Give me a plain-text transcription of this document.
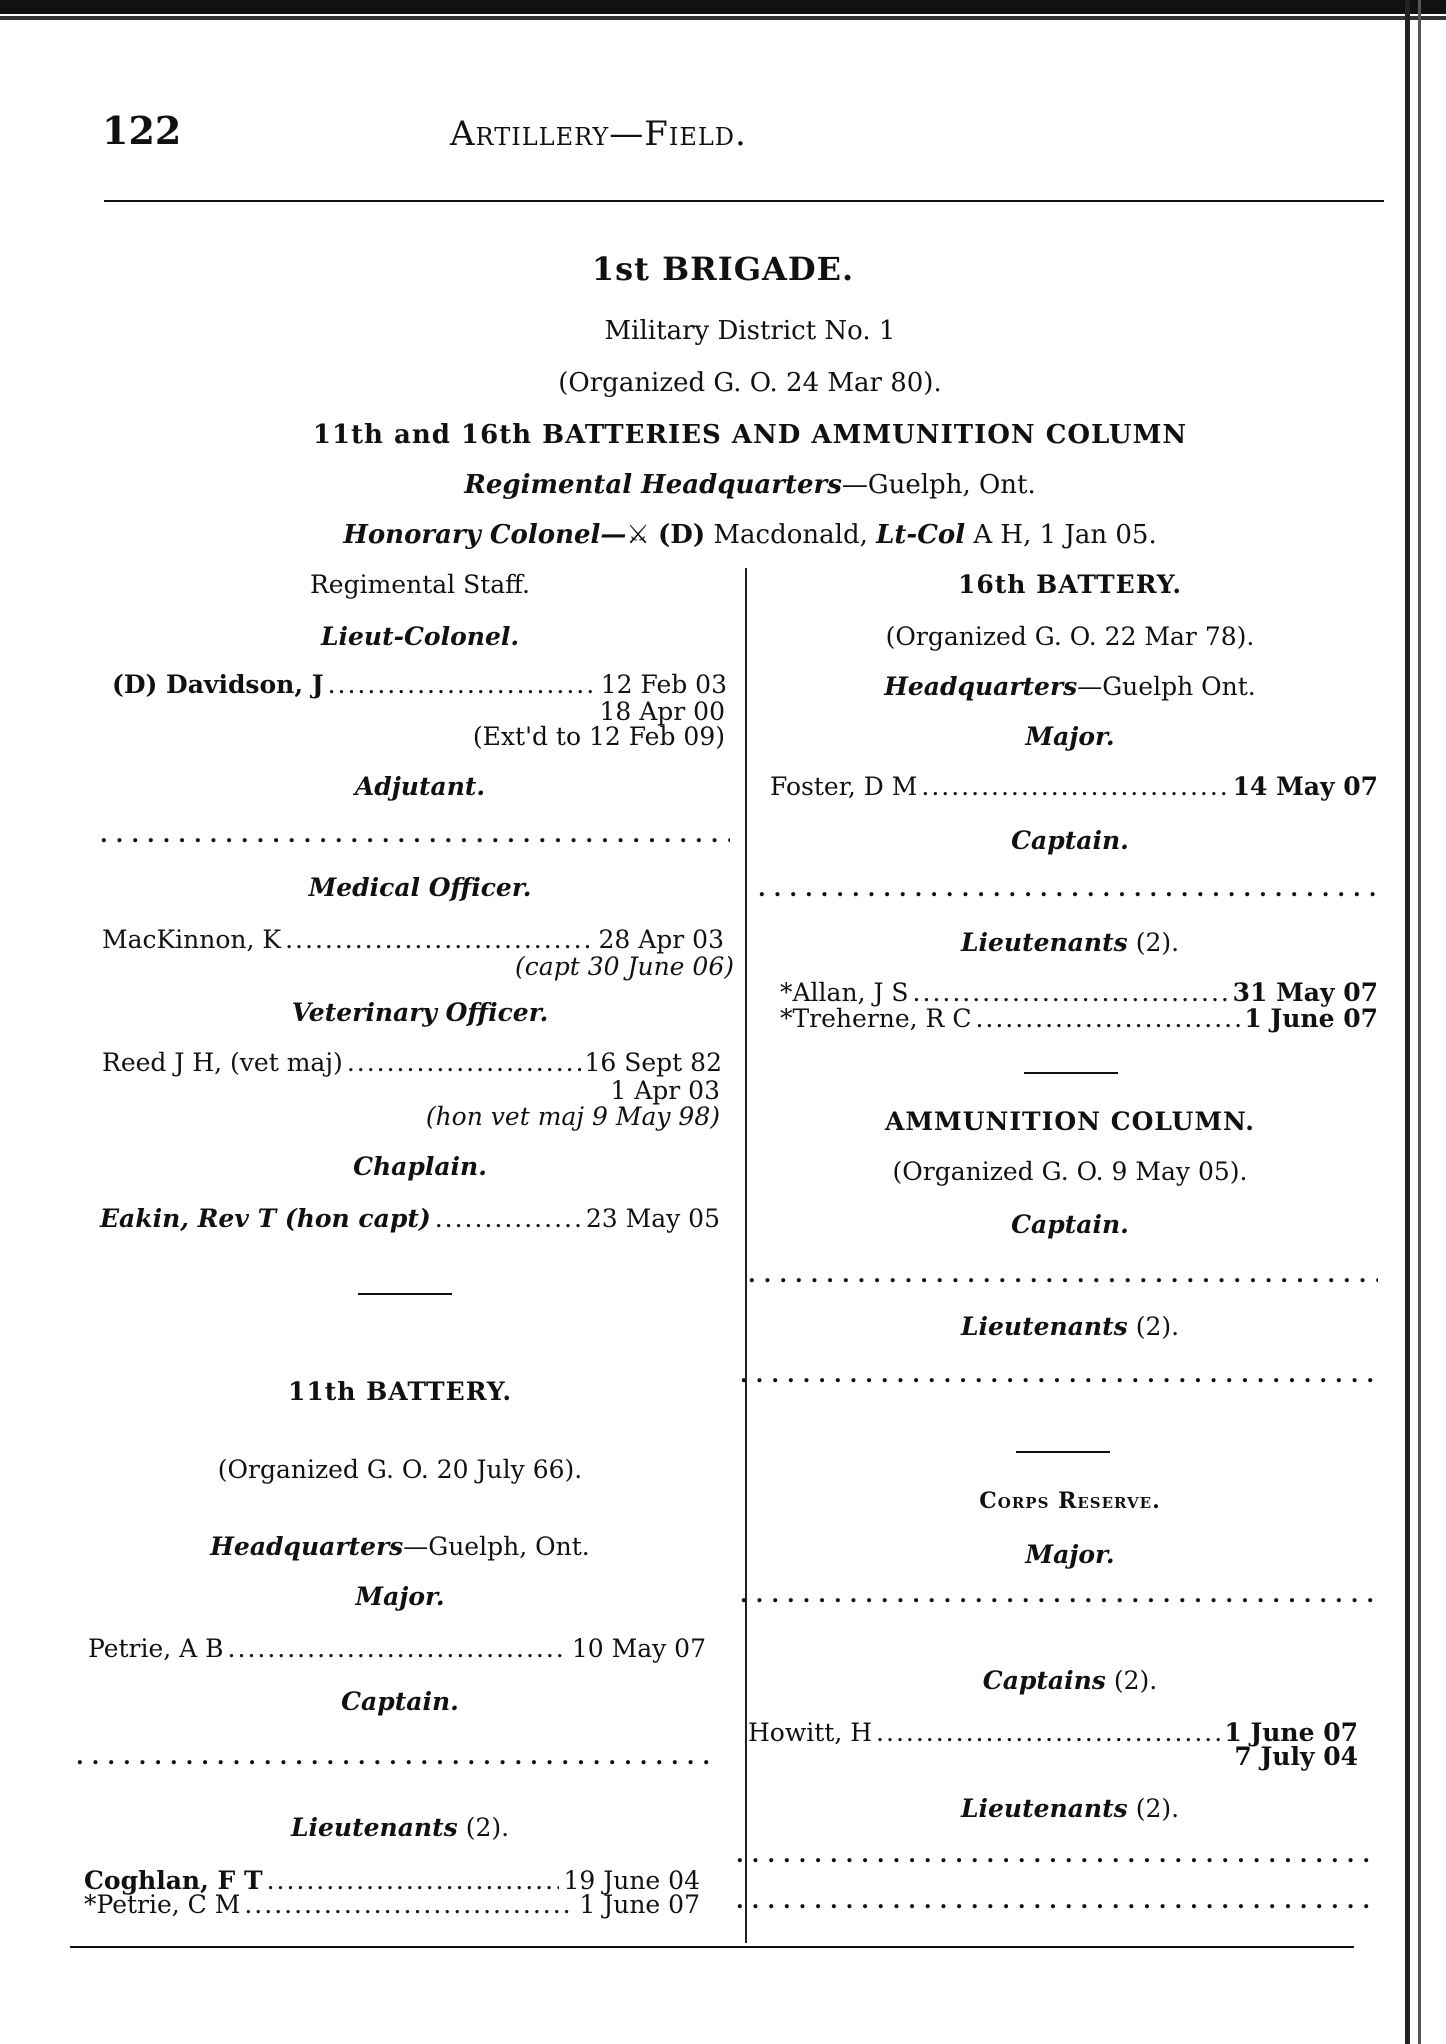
122	Artillery—Field.
1st BRIGADE.
Military District No. 1
(Organized G. O. 24 Mar 80).
11th and 16th BATTERIES AND AMMUNITION COLUMN
Regimental Headquarters—Guelph, Ont.
Honorary Colonel—⚔ (D) Macdonald, Lt-Col A H, 1 Jan 05.
Regimental Staff.
Lieut-Colonel.
(D) Davidson, J .....	12 Feb 03
18 Apr 00
(Ext'd to 12 Feb 09)
Adjutant.
.....
Medical Officer.
MacKinnon, K .....	28 Apr 03
(capt 30 June 06)
Veterinary Officer.
Reed J H, (vet maj) .....	16 Sept 82
1 Apr 03
(hon vet maj 9 May 98)
Chaplain.
Eakin, Rev T (hon capt) .....	23 May 05
11th BATTERY.
(Organized G. O. 20 July 66).
Headquarters—Guelph, Ont.
Major.
Petrie, A B .....	10 May 07
Captain.
.....
Lieutenants (2).
Coghlan, F T .....	19 June 04
*Petrie, C M .....	1 June 07
16th BATTERY.
(Organized G. O. 22 Mar 78).
Headquarters—Guelph Ont.
Major.
Foster, D M .....	14 May 07
Captain.
.....
Lieutenants (2).
*Allan, J S .....	31 May 07
*Treherne, R C .....	1 June 07
AMMUNITION COLUMN.
(Organized G. O. 9 May 05).
Captain.
.....
Lieutenants (2).
.....
Corps Reserve.
Major.
.....
Captains (2).
Howitt, H .....	1 June 07
7 July 04
Lieutenants (2).
.....
.....
